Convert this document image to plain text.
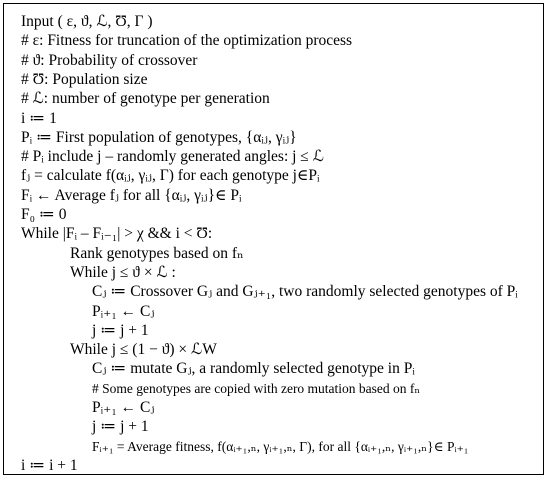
Input ( ε, ϑ, ℒ, Ʊ, Γ )
# ε: Fitness for truncation of the optimization process
# ϑ: Probability of crossover
# Ʊ: Population size
# ℒ: number of genotype per generation
i ≔ 1
Pᵢ ≔ First population of genotypes, {αᵢⱼ, γᵢⱼ}
# Pᵢ include j – randomly generated angles: j ≤ ℒ
fⱼ = calculate f(αᵢⱼ, γᵢⱼ, Γ) for each genotype j∈Pᵢ
Fᵢ ← Average fⱼ for all {αᵢⱼ, γᵢⱼ}∈ Pᵢ
F₀ ≔ 0
While |Fᵢ – Fᵢ₋₁| > χ && i < Ʊ:
Rank genotypes based on fₙ
While j ≤ ϑ × ℒ :
Cⱼ ≔ Crossover Gⱼ and Gⱼ₊₁, two randomly selected genotypes of Pᵢ
Pᵢ₊₁ ← Cⱼ
j ≔ j + 1
While j ≤ (1 − ϑ) × ℒW
Cⱼ ≔ mutate Gⱼ, a randomly selected genotype in Pᵢ
# Some genotypes are copied with zero mutation based on fₙ
Pᵢ₊₁ ← Cⱼ
j ≔ j + 1
Fᵢ₊₁ = Average fitness, f(αᵢ₊₁,ₙ, γᵢ₊₁,ₙ, Γ), for all {αᵢ₊₁,ₙ, γᵢ₊₁,ₙ}∈ Pᵢ₊₁
i ≔ i + 1
